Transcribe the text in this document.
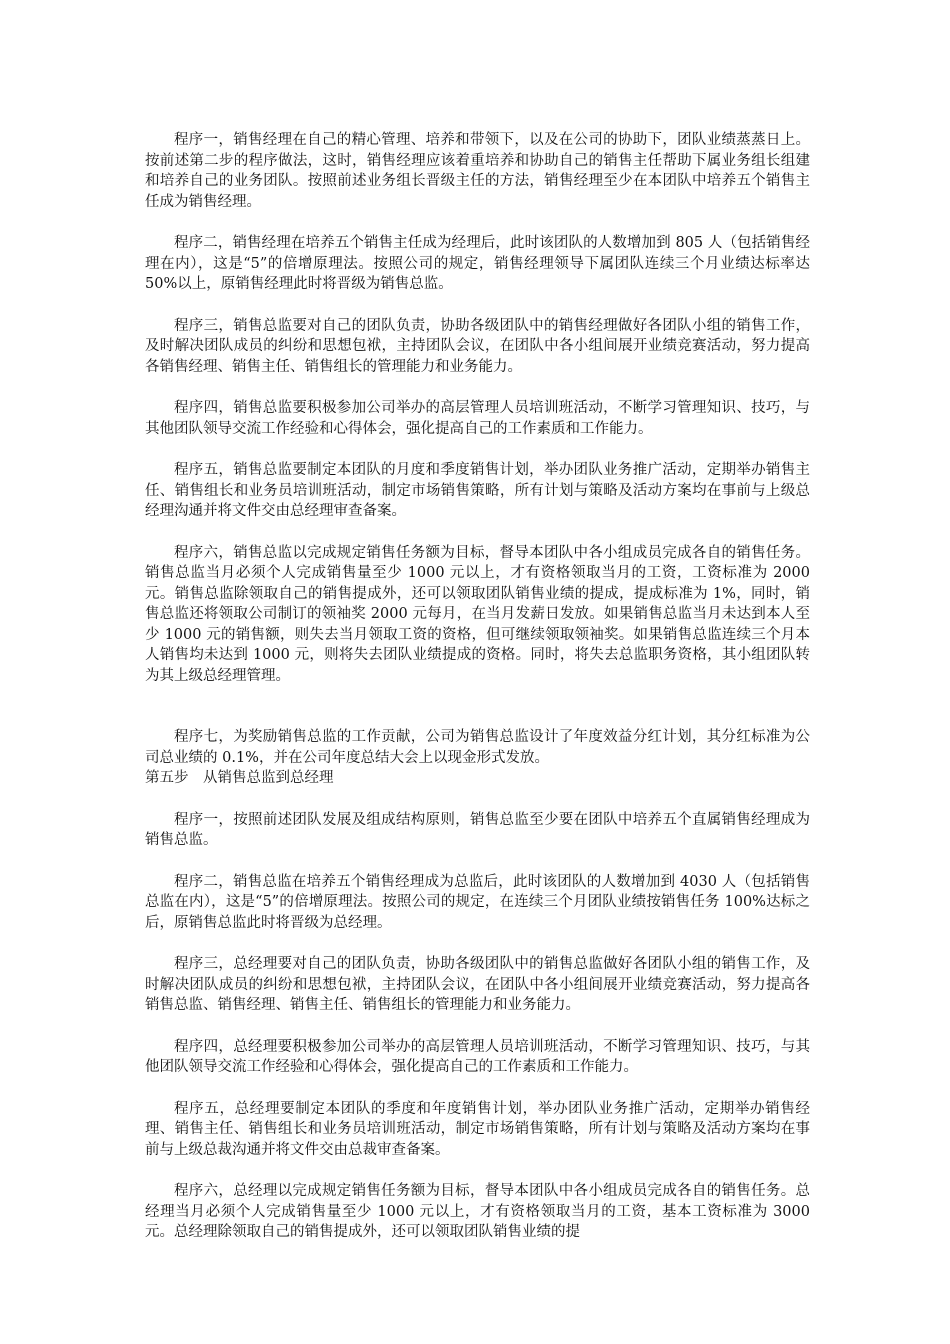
程序一，销售经理在自己的精心管理、培养和带领下，以及在公司的协助下，团队业绩蒸蒸日上。按前述第二步的程序做法，这时，销售经理应该着重培养和协助自己的销售主任帮助下属业务组长组建和培养自己的业务团队。按照前述业务组长晋级主任的方法，销售经理至少在本团队中培养五个销售主任成为销售经理。

程序二，销售经理在培养五个销售主任成为经理后，此时该团队的人数增加到 805 人（包括销售经理在内），这是“5”的倍增原理法。按照公司的规定，销售经理领导下属团队连续三个月业绩达标率达 50%以上，原销售经理此时将晋级为销售总监。

程序三，销售总监要对自己的团队负责，协助各级团队中的销售经理做好各团队小组的销售工作，及时解决团队成员的纠纷和思想包袱，主持团队会议，在团队中各小组间展开业绩竞赛活动，努力提高各销售经理、销售主任、销售组长的管理能力和业务能力。

程序四，销售总监要积极参加公司举办的高层管理人员培训班活动，不断学习管理知识、技巧，与其他团队领导交流工作经验和心得体会，强化提高自己的工作素质和工作能力。

程序五，销售总监要制定本团队的月度和季度销售计划，举办团队业务推广活动，定期举办销售主任、销售组长和业务员培训班活动，制定市场销售策略，所有计划与策略及活动方案均在事前与上级总经理沟通并将文件交由总经理审查备案。

程序六，销售总监以完成规定销售任务额为目标，督导本团队中各小组成员完成各自的销售任务。销售总监当月必须个人完成销售量至少 1000 元以上，才有资格领取当月的工资，工资标准为 2000 元。销售总监除领取自己的销售提成外，还可以领取团队销售业绩的提成，提成标准为 1%，同时，销售总监还将领取公司制订的领袖奖 2000 元每月，在当月发薪日发放。如果销售总监当月未达到本人至少 1000 元的销售额，则失去当月领取工资的资格，但可继续领取领袖奖。如果销售总监连续三个月本人销售均未达到 1000 元，则将失去团队业绩提成的资格。同时，将失去总监职务资格，其小组团队转为其上级总经理管理。

程序七，为奖励销售总监的工作贡献，公司为销售总监设计了年度效益分红计划，其分红标准为公司总业绩的 0.1%，并在公司年度总结大会上以现金形式发放。

第五步　从销售总监到总经理

程序一，按照前述团队发展及组成结构原则，销售总监至少要在团队中培养五个直属销售经理成为销售总监。

程序二，销售总监在培养五个销售经理成为总监后，此时该团队的人数增加到 4030 人（包括销售总监在内），这是“5”的倍增原理法。按照公司的规定，在连续三个月团队业绩按销售任务 100%达标之后，原销售总监此时将晋级为总经理。

程序三，总经理要对自己的团队负责，协助各级团队中的销售总监做好各团队小组的销售工作，及时解决团队成员的纠纷和思想包袱，主持团队会议，在团队中各小组间展开业绩竞赛活动，努力提高各销售总监、销售经理、销售主任、销售组长的管理能力和业务能力。

程序四，总经理要积极参加公司举办的高层管理人员培训班活动，不断学习管理知识、技巧，与其他团队领导交流工作经验和心得体会，强化提高自己的工作素质和工作能力。

程序五，总经理要制定本团队的季度和年度销售计划，举办团队业务推广活动，定期举办销售经理、销售主任、销售组长和业务员培训班活动，制定市场销售策略，所有计划与策略及活动方案均在事前与上级总裁沟通并将文件交由总裁审查备案。

程序六，总经理以完成规定销售任务额为目标，督导本团队中各小组成员完成各自的销售任务。总经理当月必须个人完成销售量至少 1000 元以上，才有资格领取当月的工资，基本工资标准为 3000 元。总经理除领取自己的销售提成外，还可以领取团队销售业绩的提
